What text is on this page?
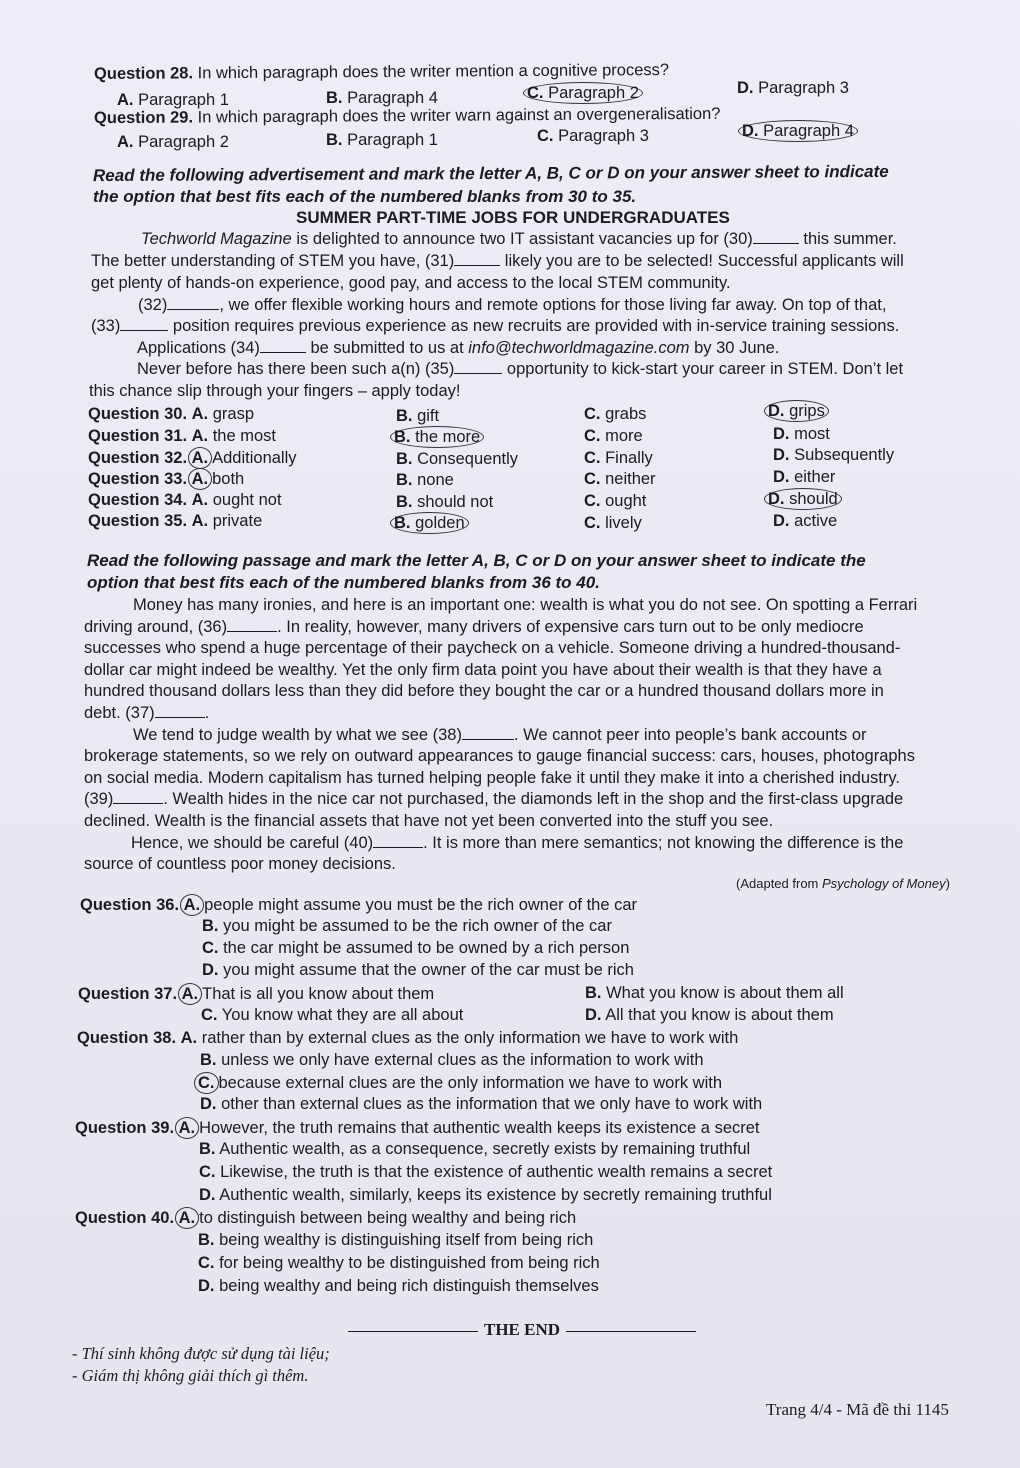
Question 28. In which paragraph does the writer mention a cognitive process?
A. Paragraph 1	B. Paragraph 4	C. Paragraph 2	D. Paragraph 3
Question 29. In which paragraph does the writer warn against an overgeneralisation?
A. Paragraph 2	B. Paragraph 1	C. Paragraph 3	D. Paragraph 4
Read the following advertisement and mark the letter A, B, C or D on your answer sheet to indicate
the option that best fits each of the numbered blanks from 30 to 35.
SUMMER PART-TIME JOBS FOR UNDERGRADUATES
Techworld Magazine is delighted to announce two IT assistant vacancies up for (30)	this summer.
The better understanding of STEM you have, (31)	likely you are to be selected! Successful applicants will
get plenty of hands-on experience, good pay, and access to the local STEM community.
(32)	, we offer flexible working hours and remote options for those living far away. On top of that,
(33)	position requires previous experience as new recruits are provided with in-service training sessions.
Applications (34)	be submitted to us at info@techworldmagazine.com by 30 June.
Never before has there been such a(n) (35)	opportunity to kick-start your career in STEM. Don’t let
this chance slip through your fingers – apply today!
Question 30. A. grasp	B. gift	C. grabs	D. grips
Question 31. A. the most	B. the more	C. more	D. most
Question 32. A. Additionally	B. Consequently	C. Finally	D. Subsequently
Question 33. A. both	B. none	C. neither	D. either
Question 34. A. ought not	B. should not	C. ought	D. should
Question 35. A. private	B. golden	C. lively	D. active
Read the following passage and mark the letter A, B, C or D on your answer sheet to indicate the
option that best fits each of the numbered blanks from 36 to 40.
Money has many ironies, and here is an important one: wealth is what you do not see. On spotting a Ferrari
driving around, (36)	. In reality, however, many drivers of expensive cars turn out to be only mediocre
successes who spend a huge percentage of their paycheck on a vehicle. Someone driving a hundred-thousand-
dollar car might indeed be wealthy. Yet the only firm data point you have about their wealth is that they have a
hundred thousand dollars less than they did before they bought the car or a hundred thousand dollars more in
debt. (37)	.
We tend to judge wealth by what we see (38)	. We cannot peer into people’s bank accounts or
brokerage statements, so we rely on outward appearances to gauge financial success: cars, houses, photographs
on social media. Modern capitalism has turned helping people fake it until they make it into a cherished industry.
(39)	. Wealth hides in the nice car not purchased, the diamonds left in the shop and the first-class upgrade
declined. Wealth is the financial assets that have not yet been converted into the stuff you see.
Hence, we should be careful (40)	. It is more than mere semantics; not knowing the difference is the
source of countless poor money decisions.
(Adapted from Psychology of Money)
Question 36. A. people might assume you must be the rich owner of the car
B. you might be assumed to be the rich owner of the car
C. the car might be assumed to be owned by a rich person
D. you might assume that the owner of the car must be rich
Question 37. A. That is all you know about them	B. What you know is about them all
C. You know what they are all about	D. All that you know is about them
Question 38. A. rather than by external clues as the only information we have to work with
B. unless we only have external clues as the information to work with
C. because external clues are the only information we have to work with
D. other than external clues as the information that we only have to work with
Question 39. A. However, the truth remains that authentic wealth keeps its existence a secret
B. Authentic wealth, as a consequence, secretly exists by remaining truthful
C. Likewise, the truth is that the existence of authentic wealth remains a secret
D. Authentic wealth, similarly, keeps its existence by secretly remaining truthful
Question 40. A. to distinguish between being wealthy and being rich
B. being wealthy is distinguishing itself from being rich
C. for being wealthy to be distinguished from being rich
D. being wealthy and being rich distinguish themselves
THE END
- Thí sinh không được sử dụng tài liệu;
- Giám thị không giải thích gì thêm.
Trang 4/4 - Mã đề thi 1145
